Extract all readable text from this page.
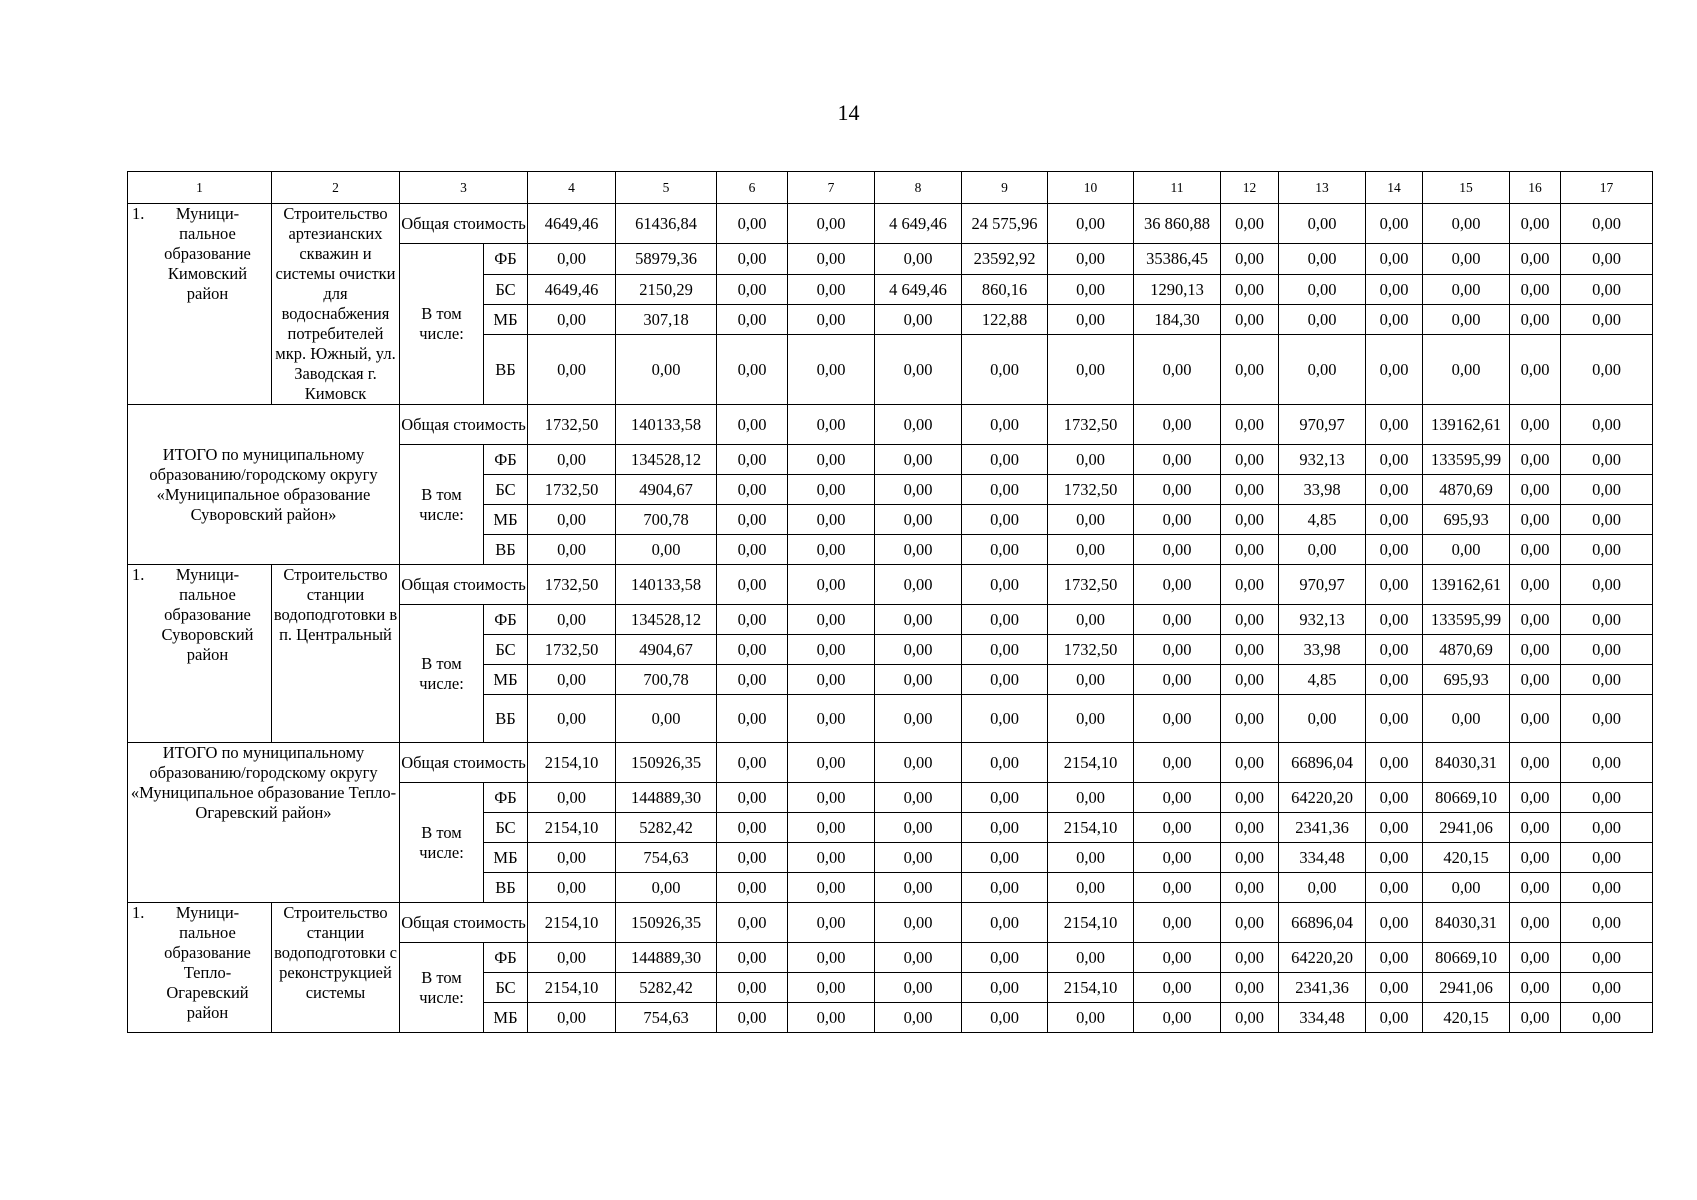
14
1	2	3		4	5	6	7	8	9	10	11	12	13	14	15	16	17
1. Муници-пальное образование Кимовский район	Строительство артезианских скважин и системы очистки для водоснабжения потребителей мкр. Южный, ул. Заводская г. Кимовск	Общая стоимость		4649,46	61436,84	0,00	0,00	4 649,46	24 575,96	0,00	36 860,88	0,00	0,00	0,00	0,00	0,00	0,00
		В том числе:	ФБ	0,00	58979,36	0,00	0,00	0,00	23592,92	0,00	35386,45	0,00	0,00	0,00	0,00	0,00	0,00
			БС	4649,46	2150,29	0,00	0,00	4 649,46	860,16	0,00	1290,13	0,00	0,00	0,00	0,00	0,00	0,00
			МБ	0,00	307,18	0,00	0,00	0,00	122,88	0,00	184,30	0,00	0,00	0,00	0,00	0,00	0,00
			ВБ	0,00	0,00	0,00	0,00	0,00	0,00	0,00	0,00	0,00	0,00	0,00	0,00	0,00	0,00
ИТОГО по муниципальному образованию/городскому округу «Муниципальное образование Суворовский район»		Общая стоимость		1732,50	140133,58	0,00	0,00	0,00	0,00	1732,50	0,00	0,00	970,97	0,00	139162,61	0,00	0,00
		В том числе:	ФБ	0,00	134528,12	0,00	0,00	0,00	0,00	0,00	0,00	0,00	932,13	0,00	133595,99	0,00	0,00
			БС	1732,50	4904,67	0,00	0,00	0,00	0,00	1732,50	0,00	0,00	33,98	0,00	4870,69	0,00	0,00
			МБ	0,00	700,78	0,00	0,00	0,00	0,00	0,00	0,00	0,00	4,85	0,00	695,93	0,00	0,00
			ВБ	0,00	0,00	0,00	0,00	0,00	0,00	0,00	0,00	0,00	0,00	0,00	0,00	0,00	0,00
1. Муници-пальное образование Суворовский район	Строительство станции водоподготовки в п. Центральный	Общая стоимость		1732,50	140133,58	0,00	0,00	0,00	0,00	1732,50	0,00	0,00	970,97	0,00	139162,61	0,00	0,00
		В том числе:	ФБ	0,00	134528,12	0,00	0,00	0,00	0,00	0,00	0,00	0,00	932,13	0,00	133595,99	0,00	0,00
			БС	1732,50	4904,67	0,00	0,00	0,00	0,00	1732,50	0,00	0,00	33,98	0,00	4870,69	0,00	0,00
			МБ	0,00	700,78	0,00	0,00	0,00	0,00	0,00	0,00	0,00	4,85	0,00	695,93	0,00	0,00
			ВБ	0,00	0,00	0,00	0,00	0,00	0,00	0,00	0,00	0,00	0,00	0,00	0,00	0,00	0,00
ИТОГО по муниципальному образованию/городскому округу «Муниципальное образование Тепло-Огаревский район»		Общая стоимость		2154,10	150926,35	0,00	0,00	0,00	0,00	2154,10	0,00	0,00	66896,04	0,00	84030,31	0,00	0,00
		В том числе:	ФБ	0,00	144889,30	0,00	0,00	0,00	0,00	0,00	0,00	0,00	64220,20	0,00	80669,10	0,00	0,00
			БС	2154,10	5282,42	0,00	0,00	0,00	0,00	2154,10	0,00	0,00	2341,36	0,00	2941,06	0,00	0,00
			МБ	0,00	754,63	0,00	0,00	0,00	0,00	0,00	0,00	0,00	334,48	0,00	420,15	0,00	0,00
			ВБ	0,00	0,00	0,00	0,00	0,00	0,00	0,00	0,00	0,00	0,00	0,00	0,00	0,00	0,00
1. Муници-пальное образование Тепло-Огаревский район	Строительство станции водоподготовки с реконструкцией системы	Общая стоимость		2154,10	150926,35	0,00	0,00	0,00	0,00	2154,10	0,00	0,00	66896,04	0,00	84030,31	0,00	0,00
		В том числе:	ФБ	0,00	144889,30	0,00	0,00	0,00	0,00	0,00	0,00	0,00	64220,20	0,00	80669,10	0,00	0,00
			БС	2154,10	5282,42	0,00	0,00	0,00	0,00	2154,10	0,00	0,00	2341,36	0,00	2941,06	0,00	0,00
			МБ	0,00	754,63	0,00	0,00	0,00	0,00	0,00	0,00	0,00	334,48	0,00	420,15	0,00	0,00
